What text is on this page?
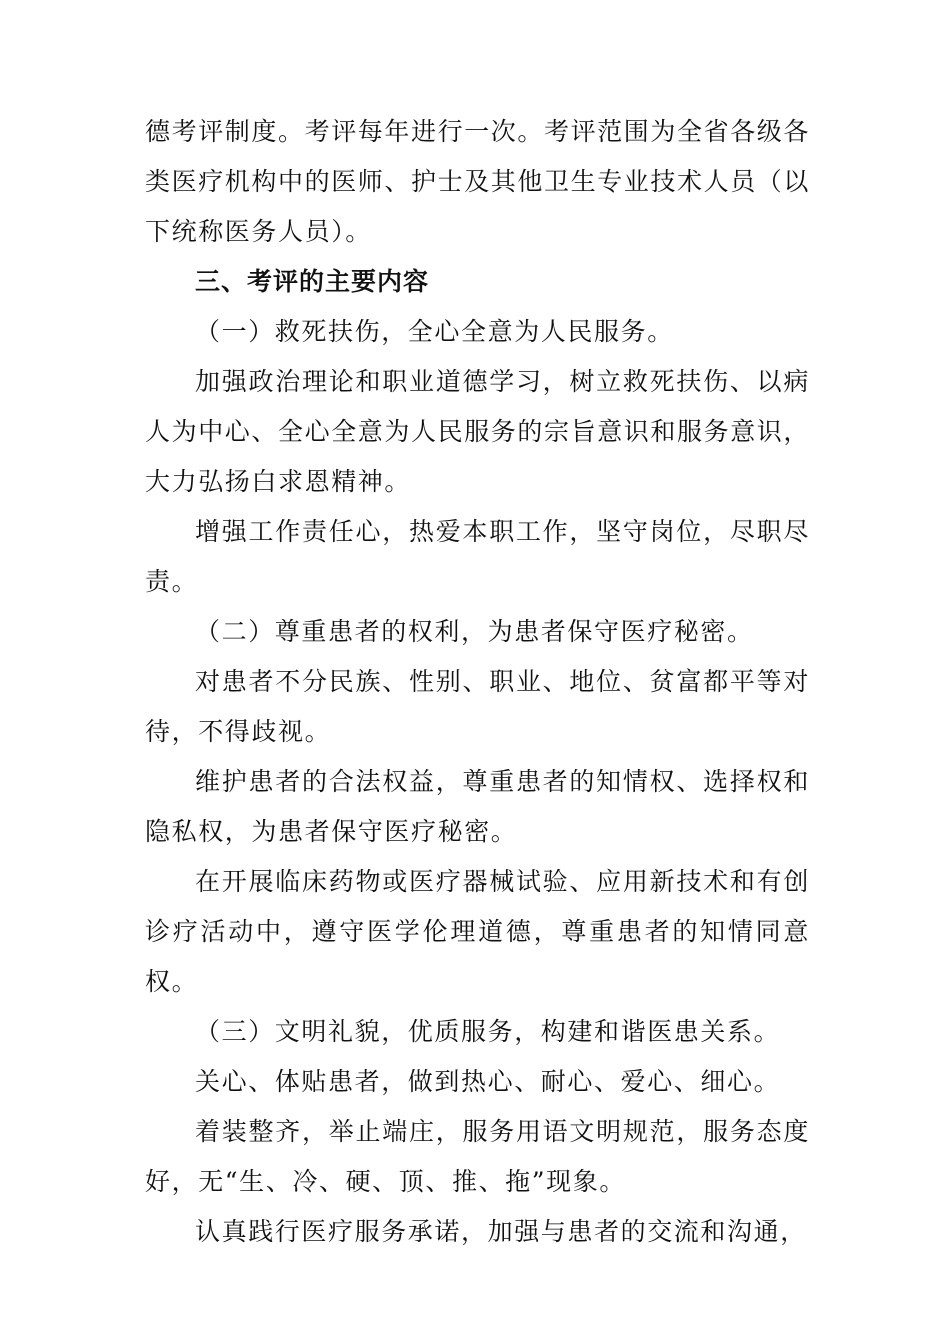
德考评制度。考评每年进行一次。考评范围为全省各级各类医疗机构中的医师、护士及其他卫生专业技术人员（以下统称医务人员）。

三、考评的主要内容

（一）救死扶伤，全心全意为人民服务。

加强政治理论和职业道德学习，树立救死扶伤、以病人为中心、全心全意为人民服务的宗旨意识和服务意识，大力弘扬白求恩精神。

增强工作责任心，热爱本职工作，坚守岗位，尽职尽责。

（二）尊重患者的权利，为患者保守医疗秘密。

对患者不分民族、性别、职业、地位、贫富都平等对待，不得歧视。

维护患者的合法权益，尊重患者的知情权、选择权和隐私权，为患者保守医疗秘密。

在开展临床药物或医疗器械试验、应用新技术和有创诊疗活动中，遵守医学伦理道德，尊重患者的知情同意权。

（三）文明礼貌，优质服务，构建和谐医患关系。

关心、体贴患者，做到热心、耐心、爱心、细心。

着装整齐，举止端庄，服务用语文明规范，服务态度好，无“生、冷、硬、顶、推、拖”现象。

认真践行医疗服务承诺，加强与患者的交流和沟通，
